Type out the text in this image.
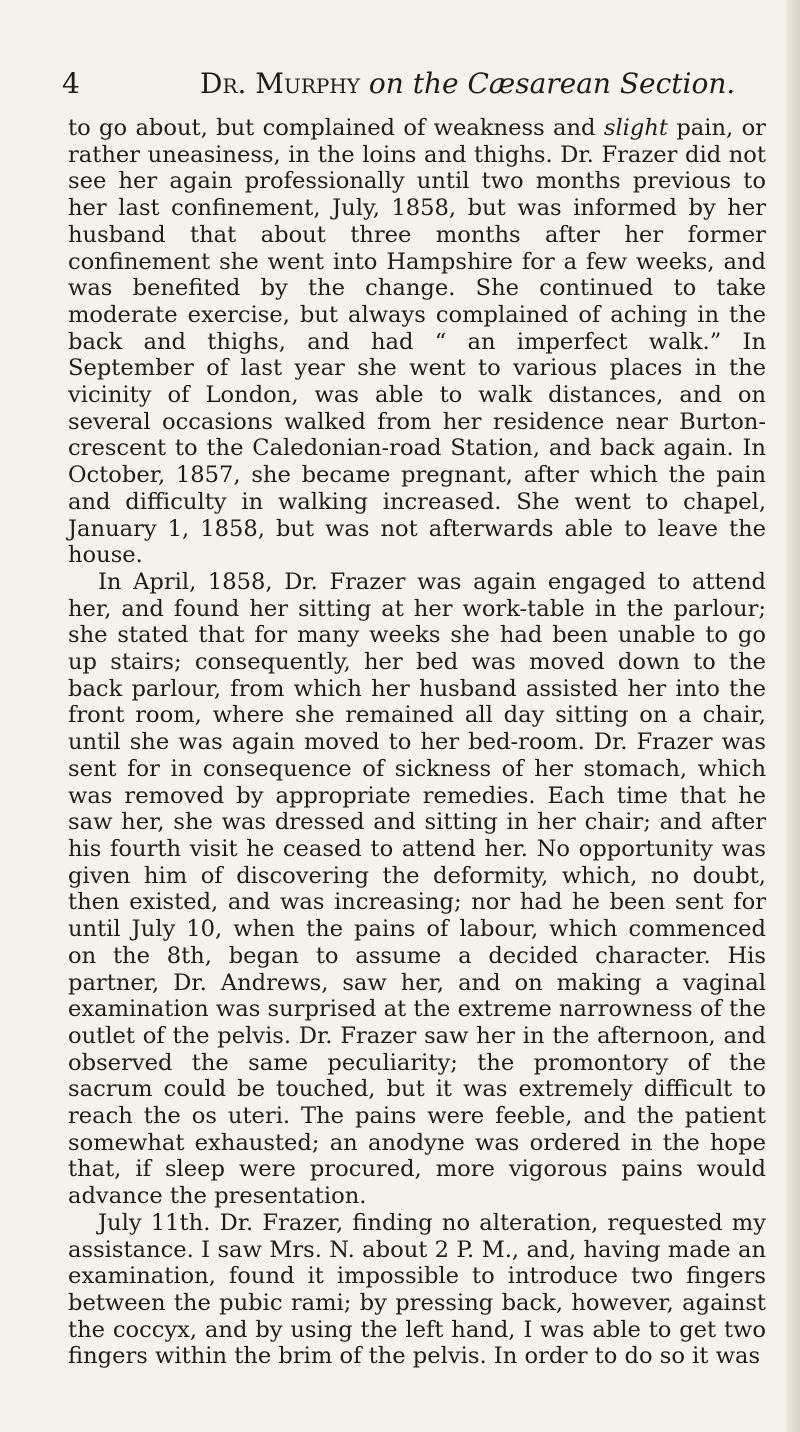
4	Dr. Murphy on the Cæsarean Section.

to go about, but complained of weakness and slight pain, or rather uneasiness, in the loins and thighs. Dr. Frazer did not see her again professionally until two months previous to her last confinement, July, 1858, but was informed by her husband that about three months after her former confinement she went into Hampshire for a few weeks, and was benefited by the change. She continued to take moderate exercise, but always complained of aching in the back and thighs, and had “ an imperfect walk.” In September of last year she went to various places in the vicinity of London, was able to walk distances, and on several occasions walked from her residence near Burton-crescent to the Caledonian-road Station, and back again. In October, 1857, she became pregnant, after which the pain and difficulty in walking increased. She went to chapel, January 1, 1858, but was not afterwards able to leave the house.

In April, 1858, Dr. Frazer was again engaged to attend her, and found her sitting at her work-table in the parlour; she stated that for many weeks she had been unable to go up stairs; consequently, her bed was moved down to the back parlour, from which her husband assisted her into the front room, where she remained all day sitting on a chair, until she was again moved to her bed-room. Dr. Frazer was sent for in consequence of sickness of her stomach, which was removed by appropriate remedies. Each time that he saw her, she was dressed and sitting in her chair; and after his fourth visit he ceased to attend her. No opportunity was given him of discovering the deformity, which, no doubt, then existed, and was increasing; nor had he been sent for until July 10, when the pains of labour, which commenced on the 8th, began to assume a decided character. His partner, Dr. Andrews, saw her, and on making a vaginal examination was surprised at the extreme narrowness of the outlet of the pelvis. Dr. Frazer saw her in the afternoon, and observed the same peculiarity; the promontory of the sacrum could be touched, but it was extremely difficult to reach the os uteri. The pains were feeble, and the patient somewhat exhausted; an anodyne was ordered in the hope that, if sleep were procured, more vigorous pains would advance the presentation.

July 11th. Dr. Frazer, finding no alteration, requested my assistance. I saw Mrs. N. about 2 P. M., and, having made an examination, found it impossible to introduce two fingers between the pubic rami; by pressing back, however, against the coccyx, and by using the left hand, I was able to get two fingers within the brim of the pelvis. In order to do so it was
